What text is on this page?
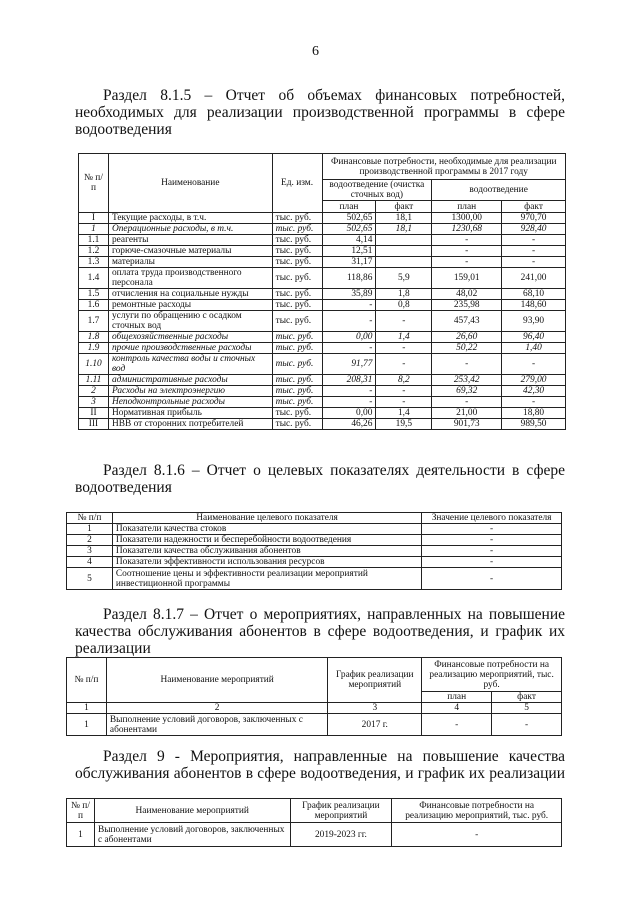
6
Раздел 8.1.5 – Отчет об объемах финансовых потребностей,
необходимых для реализации производственной программы в сфере
водоотведения
№ п/п	Наименование	Ед. изм.	Финансовые потребности, необходимые для реализации производственной программы в 2017 году			
			водоотведение (очистка сточных вод)		водоотведение	
			план	факт	план	факт
I	Текущие расходы, в т.ч.	тыс. руб.	502,65	18,1	1300,00	970,70
1	Операционные расходы, в т.ч.	тыс. руб.	502,65	18,1	1230,68	928,40
1.1	реагенты	тыс. руб.	4,14		-	-
1.2	горюче-смазочные материалы	тыс. руб.	12,51		-	-
1.3	материалы	тыс. руб.	31,17		-	-
1.4	оплата труда производственного персонала	тыс. руб.	118,86	5,9	159,01	241,00
1.5	отчисления на социальные нужды	тыс. руб.	35,89	1,8	48,02	68,10
1.6	ремонтные расходы	тыс. руб.	-	0,8	235,98	148,60
1.7	услуги по обращению с осадком сточных вод	тыс. руб.	-	-	457,43	93,90
1.8	общехозяйственные расходы	тыс. руб.	0,00	1,4	26,60	96,40
1.9	прочие производственные расходы	тыс. руб.	-	-	50,22	1,40
1.10	контроль качества воды и сточных вод	тыс. руб.	91,77	-	-	-
1.11	административные расходы	тыс. руб.	208,31	8,2	253,42	279,00
2	Расходы на электроэнергию	тыс. руб.	-	-	69,32	42,30
3	Неподконтрольные расходы	тыс. руб.	-	-	-	-
II	Нормативная прибыль	тыс. руб.	0,00	1,4	21,00	18,80
III	НВВ от сторонних потребителей	тыс. руб.	46,26	19,5	901,73	989,50
Раздел 8.1.6 – Отчет о целевых показателях деятельности в сфере
водоотведения
№ п/п	Наименование целевого показателя	Значение целевого показателя
1	Показатели качества стоков	-
2	Показатели надежности и бесперебойности водоотведения	-
3	Показатели качества обслуживания абонентов	-
4	Показатели эффективности использования ресурсов	-
5	Соотношение цены и эффективности реализации мероприятий инвестиционной программы	-
Раздел 8.1.7 – Отчет о мероприятиях, направленных на повышение
качества обслуживания абонентов в сфере водоотведения, и график их
реализации
№ п/п	Наименование мероприятий	График реализации мероприятий	Финансовые потребности на реализацию мероприятий, тыс. руб.	
			план	факт
1	2	3	4	5
1	Выполнение условий договоров, заключенных с абонентами	2017 г.	-	-
Раздел 9 - Мероприятия, направленные на повышение качества
обслуживания абонентов в сфере водоотведения, и график их реализации
№ п/п	Наименование мероприятий	График реализации мероприятий	Финансовые потребности на реализацию мероприятий, тыс. руб.
1	Выполнение условий договоров, заключенных с абонентами	2019-2023 гг.	-
